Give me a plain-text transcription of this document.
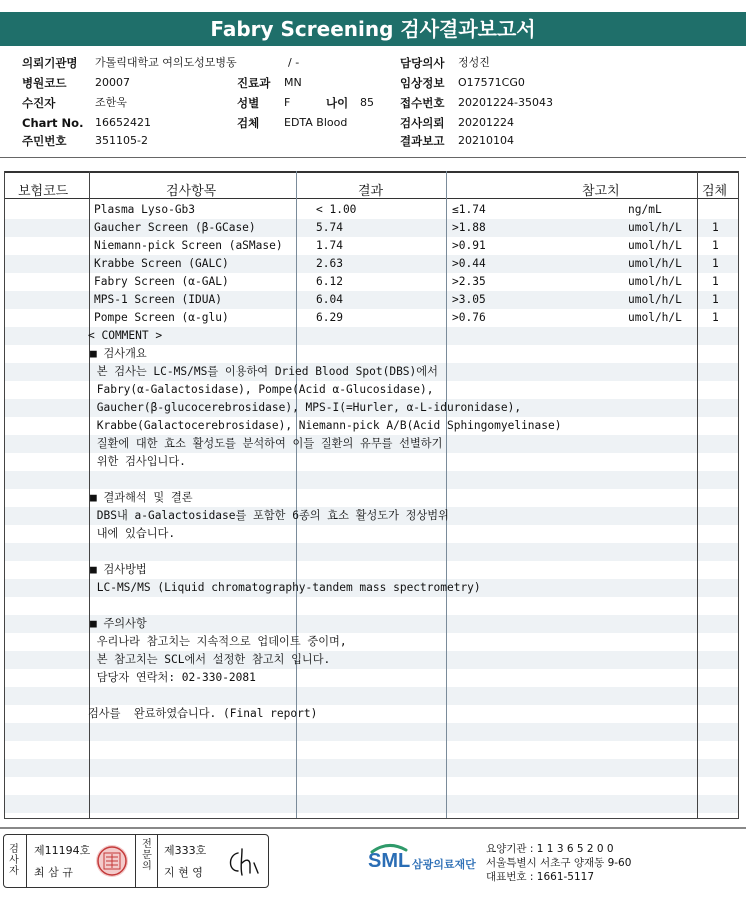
Fabry Screening 검사결과보고서
의뢰기관명 가톨릭대학교 여의도성모병동	/ -	담당의사 정성진
병원코드	20007	진료과 MN	임상정보 O17571CG0
수진자	조한욱	성별 F	나이 85 접수번호 20201224-35043
Chart No. 16652421	검체 EDTA Blood	검사의뢰 20201224
주민번호	351105-2	결과보고 20210104
보험코드	검사항목	결과	참고치	검체
Plasma Lyso-Gb3	< 1.00	≤1.74	ng/mL
Gaucher Screen (β-GCase)	5.74	>1.88	umol/h/L	1
Niemann-pick Screen (aSMase)	1.74	>0.91	umol/h/L	1
Krabbe Screen (GALC)	2.63	>0.44	umol/h/L	1
Fabry Screen (α-GAL)	6.12	>2.35	umol/h/L	1
MPS-1 Screen (IDUA)	6.04	>3.05	umol/h/L	1
Pompe Screen (α-glu)	6.29	>0.76	umol/h/L	1
< COMMENT >
■ 검사개요
본 검사는 LC-MS/MS를 이용하여 Dried Blood Spot(DBS)에서
Fabry(α-Galactosidase), Pompe(Acid α-Glucosidase),
Gaucher(β-glucocerebrosidase), MPS-I(=Hurler, α-L-iduronidase),
Krabbe(Galactocerebrosidase), Niemann-pick A/B(Acid Sphingomyelinase)
질환에 대한 효소 활성도를 분석하여 이들 질환의 유무를 선별하기
위한 검사입니다.
■ 결과해석 및 결론
DBS내 a-Galactosidase를 포함한 6종의 효소 활성도가 정상범위
내에 있습니다.
■ 검사방법
LC-MS/MS (Liquid chromatography-tandem mass spectrometry)
■ 주의사항
우리나라 참고치는 지속적으로 업데이트 중이며,
본 참고치는 SCL에서 설정한 참고치 입니다.
담당자 연락처: 02-330-2081
검사를  완료하였습니다. (Final report)
검사자
제11194호
최 삼 규
전문의
제333호
지 현 영
SML 삼광의료재단
요양기관 : 1 1 3 6 5 2 0 0
서울특별시 서초구 양재동 9-60
대표번호 : 1661-5117
